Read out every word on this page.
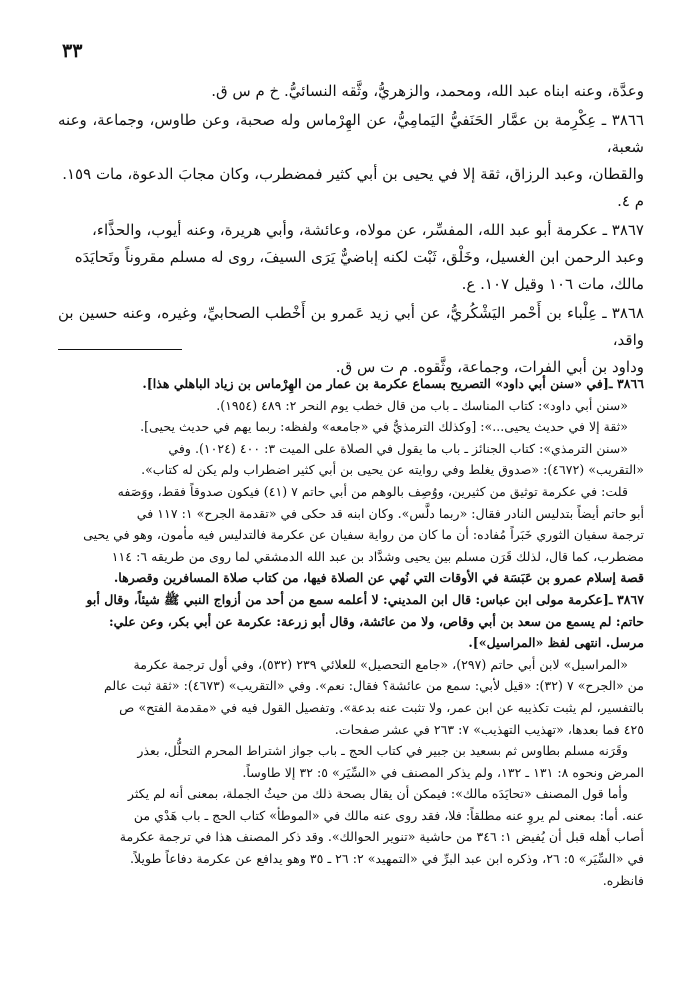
٣٣

وعدَّة، وعنه ابناه عبد الله، ومحمد، والزهريُّ، وثَّقه النسائيُّ. خ م س ق.

٣٨٦٦ ـ عِكْرِمة بن عمَّار الحَنَفيُّ اليَمامِيُّ، عن الهِرْماس وله صحبة، وعن طاوس، وجماعة، وعنه شعبة،

والقطان، وعبد الرزاق، ثقة إلا في يحيى بن أبي كثير فمضطرب، وكان مجابَ الدعوة، مات ١٥٩.

م ٤.

٣٨٦٧ ـ عكرمة أبو عبد الله، المفسِّر، عن مولاه، وعائشة، وأبي هريرة، وعنه أيوب، والحذَّاء،

وعبد الرحمن ابن الغسيل، وخَلْق، ثَبْت لكنه إباضيٌّ يَرَى السيفَ، روى له مسلم مقروناً وتَحايَدَه

مالك، مات ١٠٦ وقيل ١٠٧. ع.

٣٨٦٨ ـ عِلْباء بن أَحْمر اليَشْكُريُّ، عن أبي زيد عَمرو بن أَخْطب الصحابيِّ، وغيره، وعنه حسين بن واقد،

وداود بن أبي الفرات، وجماعة، وثَّقوه. م ت س ق.

٣٨٦٦ ـ[في «سنن أبي داود» التصريح بسماع عكرمة بن عمار من الهِرْماس بن زياد الباهلي هذا].

«سنن أبي داود»: كتاب المناسك ـ باب من قال خطب يوم النحر ٢: ٤٨٩ (١٩٥٤).

«ثقة إلا في حديث يحيى...»: [وكذلك الترمذيُّ في «جامعه» ولفظه: ربما يهم في حديث يحيى].

«سنن الترمذي»: كتاب الجنائز ـ باب ما يقول في الصلاة على الميت ٣: ٤٠٠ (١٠٢٤). وفي

«التقريب» (٤٦٧٢): «صدوق يغلط وفي روايته عن يحيى بن أبي كثير اضطراب ولم يكن له كتاب».

قلت: في عكرمة توثيق من كثيرين، ووُصِف بالوهم من أبي حاتم ٧ (٤١) فيكون صدوقاً فقط، ووَصَفه

أبو حاتم أيضاً بتدليس النادر فقال: «ربما دلَّس». وكان ابنه قد حكى في «تقدمة الجرح» ١: ١١٧ في

ترجمة سفيان الثوري خَبَراً مُفاده: أن ما كان من رواية سفيان عن عكرمة فالتدليس فيه مأمون، وهو في يحيى

مضطرب، كما قال، لذلك قَرَن مسلم بين يحيى وشدَّاد بن عبد الله الدمشقي لما روى من طريقه ٦: ١١٤

قصة إسلام عمرو بن عَبَسَة في الأوقات التي نُهي عن الصلاة فيها، من كتاب صلاة المسافرين وقصرها.

٣٨٦٧ ـ[عكرمة مولى ابن عباس: قال ابن المديني: لا أعلمه سمع من أحد من أزواج النبي ﷺ شيئاً، وقال أبو

حاتم: لم يسمع من سعد بن أبي وقاص، ولا من عائشة، وقال أبو زرعة: عكرمة عن أبي بكر، وعن علي:

مرسل. انتهى لفظ «المراسيل»].

«المراسيل» لابن أبي حاتم (٢٩٧)، «جامع التحصيل» للعلائي ٢٣٩ (٥٣٢)، وفي أول ترجمة عكرمة

من «الجرح» ٧ (٣٢): «قيل لأبي: سمع من عائشة؟ فقال: نعم». وفي «التقريب» (٤٦٧٣): «ثقة ثبت عالم

بالتفسير، لم يثبت تكذيبه عن ابن عمر، ولا تثبت عنه بدعة». وتفصيل القول فيه في «مقدمة الفتح» ص

٤٢٥ فما بعدها، «تهذيب التهذيب» ٧: ٢٦٣ في عشر صفحات.

وقَرَنه مسلم بطاوس ثم بسعيد بن جبير في كتاب الحج ـ باب جواز اشتراط المحرم التحلُّل، بعذر

المرض ونحوه ٨: ١٣١ ـ ١٣٢، ولم يذكر المصنف في «السِّيَر» ٥: ٣٢ إلا طاوساً.

وأما قول المصنف «تحايَدَه مالك»: فيمكن أن يقال بصحة ذلك من حيثُ الجملة، بمعنى أنه لم يكثر

عنه. أما: بمعنى لم يروِ عنه مطلقاً: فلا، فقد روى عنه مالك في «الموطأ» كتاب الحج ـ باب هَدْي من

أصاب أهله قبل أن يُفيض ١: ٣٤٦ من حاشية «تنوير الحوالك». وقد ذكر المصنف هذا في ترجمة عكرمة

في «السِّيَر» ٥: ٢٦، وذكره ابن عبد البرِّ في «التمهيد» ٢: ٢٦ ـ ٣٥ وهو يدافع عن عكرمة دفاعاً طويلاً.

فانظره.
